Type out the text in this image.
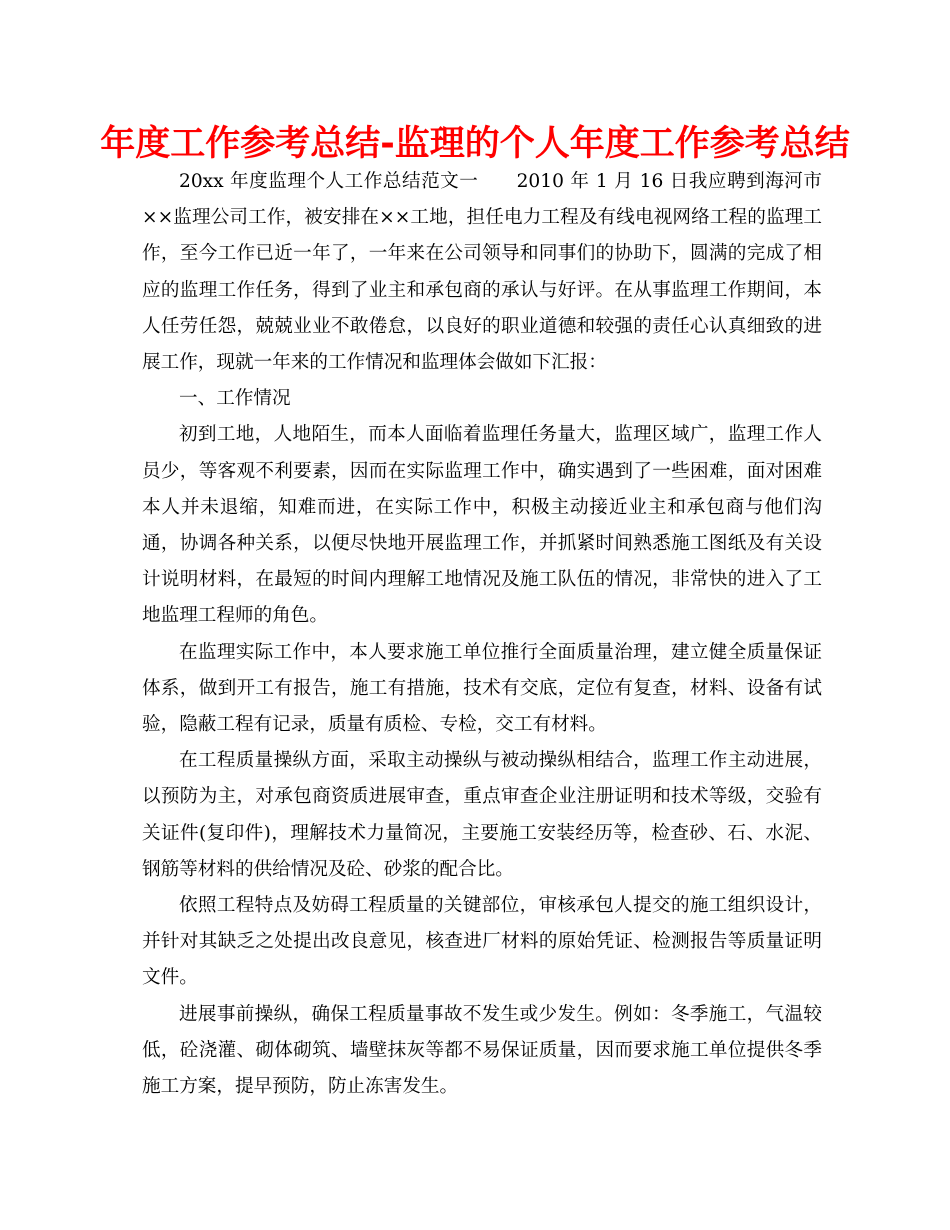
年度工作参考总结-监理的个人年度工作参考总结

20xx 年度监理个人工作总结范文一　　2010 年 1 月 16 日我应聘到海河市××监理公司工作，被安排在××工地，担任电力工程及有线电视网络工程的监理工作，至今工作已近一年了，一年来在公司领导和同事们的协助下，圆满的完成了相应的监理工作任务，得到了业主和承包商的承认与好评。在从事监理工作期间，本人任劳任怨，兢兢业业不敢倦怠，以良好的职业道德和较强的责任心认真细致的进展工作，现就一年来的工作情况和监理体会做如下汇报：

一、工作情况

初到工地，人地陌生，而本人面临着监理任务量大，监理区域广，监理工作人员少，等客观不利要素，因而在实际监理工作中，确实遇到了一些困难，面对困难本人并未退缩，知难而进，在实际工作中，积极主动接近业主和承包商与他们沟通，协调各种关系，以便尽快地开展监理工作，并抓紧时间熟悉施工图纸及有关设计说明材料，在最短的时间内理解工地情况及施工队伍的情况，非常快的进入了工地监理工程师的角色。

在监理实际工作中，本人要求施工单位推行全面质量治理，建立健全质量保证体系，做到开工有报告，施工有措施，技术有交底，定位有复查，材料、设备有试验，隐蔽工程有记录，质量有质检、专检，交工有材料。

在工程质量操纵方面，采取主动操纵与被动操纵相结合，监理工作主动进展，以预防为主，对承包商资质进展审查，重点审查企业注册证明和技术等级，交验有关证件(复印件)，理解技术力量简况，主要施工安装经历等，检查砂、石、水泥、钢筋等材料的供给情况及砼、砂浆的配合比。

依照工程特点及妨碍工程质量的关键部位，审核承包人提交的施工组织设计，并针对其缺乏之处提出改良意见，核查进厂材料的原始凭证、检测报告等质量证明文件。

进展事前操纵，确保工程质量事故不发生或少发生。例如：冬季施工，气温较低，砼浇灌、砌体砌筑、墙壁抹灰等都不易保证质量，因而要求施工单位提供冬季施工方案，提早预防，防止冻害发生。
